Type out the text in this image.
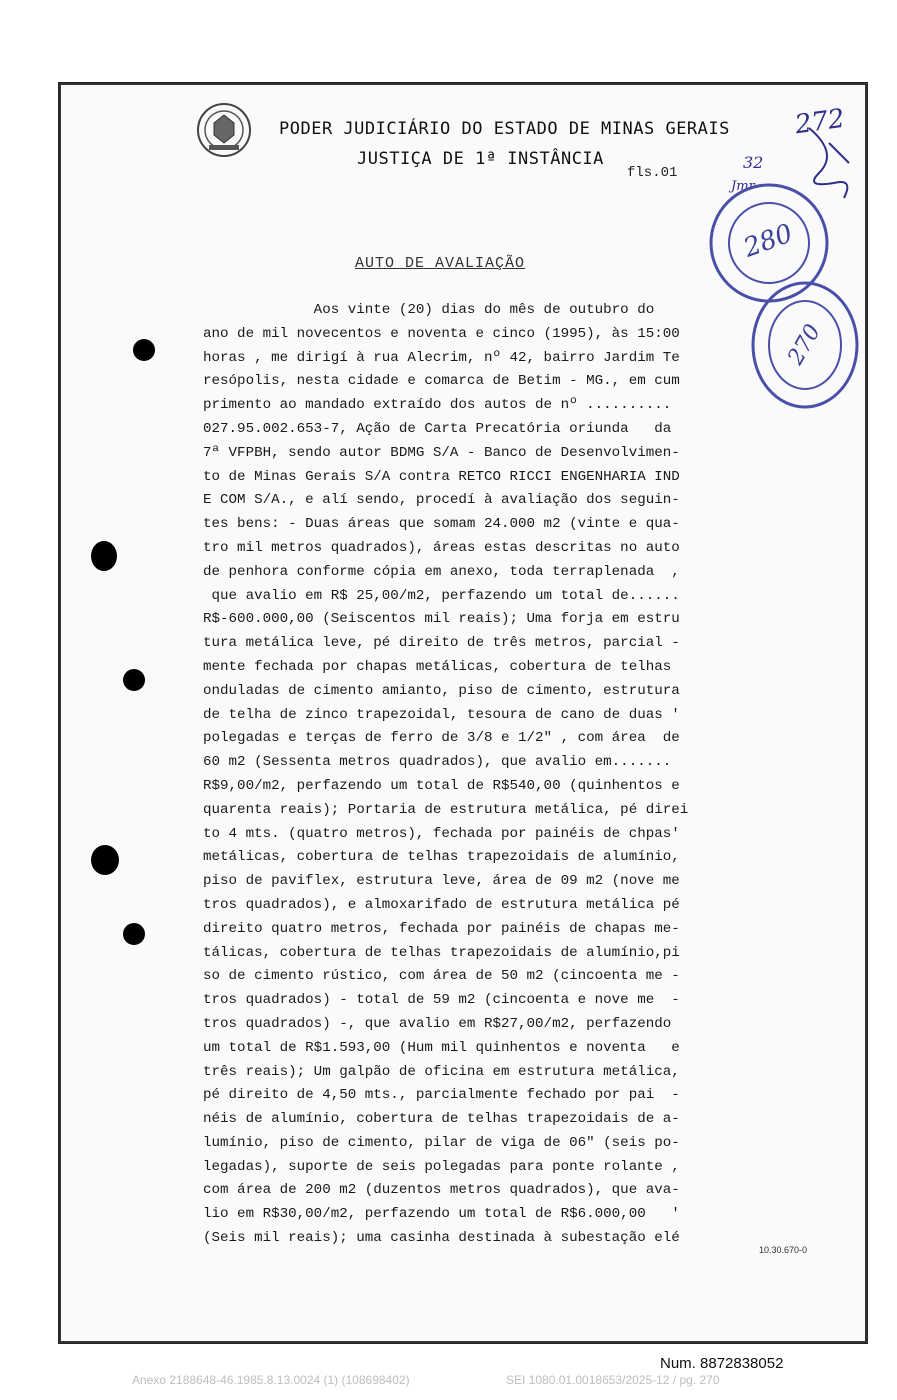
PODER JUDICIÁRIO DO ESTADO DE MINAS GERAIS
JUSTIÇA DE 1ª INSTÂNCIA
fls.01
272
32
Jmr
280
270
AUTO DE AVALIAÇÃO
Aos vinte (20) dias do mês de outubro do
ano de mil novecentos e noventa e cinco (1995), às 15:00
horas , me dirigí à rua Alecrim, nº 42, bairro Jardim Te
resópolis, nesta cidade e comarca de Betim - MG., em cum
primento ao mandado extraído dos autos de nº ..........
027.95.002.653-7, Ação de Carta Precatória oriunda   da
7ª VFPBH, sendo autor BDMG S/A - Banco de Desenvolvimen-
to de Minas Gerais S/A contra RETCO RICCI ENGENHARIA IND
E COM S/A., e alí sendo, procedí à avaliação dos seguin-
tes bens: - Duas áreas que somam 24.000 m2 (vinte e qua-
tro mil metros quadrados), áreas estas descritas no auto
de penhora conforme cópia em anexo, toda terraplenada  ,
que avalio em R$ 25,00/m2, perfazendo um total de......
R$-600.000,00 (Seiscentos mil reais); Uma forja em estru
tura metálica leve, pé direito de três metros, parcial -
mente fechada por chapas metálicas, cobertura de telhas
onduladas de cimento amianto, piso de cimento, estrutura
de telha de zinco trapezoidal, tesoura de cano de duas '
polegadas e terças de ferro de 3/8 e 1/2" , com área  de
60 m2 (Sessenta metros quadrados), que avalio em.......
R$9,00/m2, perfazendo um total de R$540,00 (quinhentos e
quarenta reais); Portaria de estrutura metálica, pé direi
to 4 mts. (quatro metros), fechada por painéis de chpas'
metálicas, cobertura de telhas trapezoidais de alumínio,
piso de paviflex, estrutura leve, área de 09 m2 (nove me
tros quadrados), e almoxarifado de estrutura metálica pé
direito quatro metros, fechada por painéis de chapas me-
tálicas, cobertura de telhas trapezoidais de alumínio,pi
so de cimento rústico, com área de 50 m2 (cincoenta me -
tros quadrados) - total de 59 m2 (cincoenta e nove me  -
tros quadrados) -, que avalio em R$27,00/m2, perfazendo
um total de R$1.593,00 (Hum mil quinhentos e noventa   e
três reais); Um galpão de oficina em estrutura metálica,
pé direito de 4,50 mts., parcialmente fechado por pai  -
néis de alumínio, cobertura de telhas trapezoidais de a-
lumínio, piso de cimento, pilar de viga de 06" (seis po-
legadas), suporte de seis polegadas para ponte rolante ,
com área de 200 m2 (duzentos metros quadrados), que ava-
lio em R$30,00/m2, perfazendo um total de R$6.000,00   '
(Seis mil reais); uma casinha destinada à subestação elé
10.30.670-0
Num. 8872838052
Anexo 2188648-46.1985.8.13.0024 (1) (108698402)	SEI 1080.01.0018653/2025-12 / pg. 270
